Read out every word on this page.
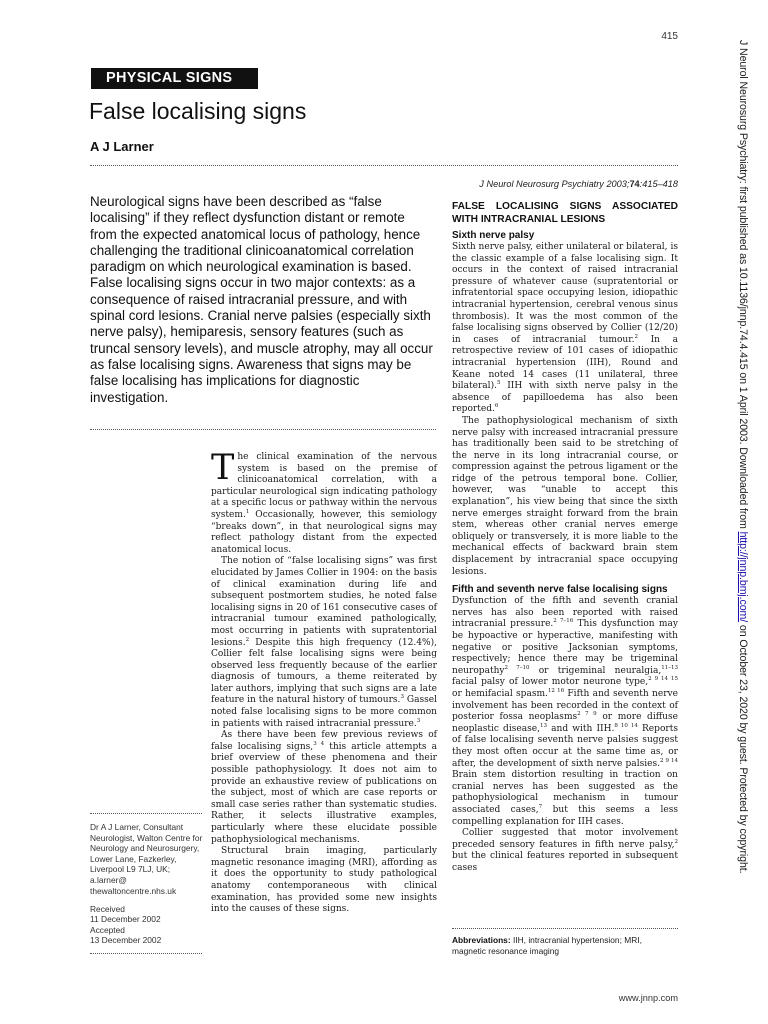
415
J Neurol Neurosurg Psychiatry: first published as 10.1136/jnnp.74.4.415 on 1 April 2003. Downloaded from http://jnnp.bmj.com/ on October 23, 2020 by guest. Protected by copyright.
PHYSICAL SIGNS
False localising signs
A J Larner
J Neurol Neurosurg Psychiatry 2003;74:415–418
Neurological signs have been described as “false localising” if they reflect dysfunction distant or remote from the expected anatomical locus of pathology, hence challenging the traditional clinicoanatomical correlation paradigm on which neurological examination is based. False localising signs occur in two major contexts: as a consequence of raised intracranial pressure, and with spinal cord lesions. Cranial nerve palsies (especially sixth nerve palsy), hemiparesis, sensory features (such as truncal sensory levels), and muscle atrophy, may all occur as false localising signs. Awareness that signs may be false localising has implications for diagnostic investigation.

The clinical examination of the nervous system is based on the premise of clinicoanatomical correlation, with a particular neurological sign indicating pathology at a specific locus or pathway within the nervous system.$^1$ Occasionally, however, this semiology “breaks down”, in that neurological signs may reflect pathology distant from the expected anatomical locus.

The notion of “false localising signs” was first elucidated by James Collier in 1904: on the basis of clinical examination during life and subsequent postmortem studies, he noted false localising signs in 20 of 161 consecutive cases of intracranial tumour examined pathologically, most occurring in patients with supratentorial lesions.$^2$ Despite this high frequency (12.4%), Collier felt false localising signs were being observed less frequently because of the earlier diagnosis of tumours, a theme reiterated by later authors, implying that such signs are a late feature in the natural history of tumours.$^3$ Gassel noted false localising signs to be more common in patients with raised intracranial pressure.$^3$

As there have been few previous reviews of false localising signs,$^{3 4}$ this article attempts a brief overview of these phenomena and their possible pathophysiology. It does not aim to provide an exhaustive review of publications on the subject, most of which are case reports or small case series rather than systematic studies. Rather, it selects illustrative examples, particularly where these elucidate possible pathophysiological mechanisms.

Structural brain imaging, particularly magnetic resonance imaging (MRI), affording as it does the opportunity to study pathological anatomy contemporaneous with clinical examination, has provided some new insights into the causes of these signs.

FALSE LOCALISING SIGNS ASSOCIATED WITH INTRACRANIAL LESIONS
Sixth nerve palsy

Sixth nerve palsy, either unilateral or bilateral, is the classic example of a false localising sign. It occurs in the context of raised intracranial pressure of whatever cause (supratentorial or infratentorial space occupying lesion, idiopathic intracranial hypertension, cerebral venous sinus thrombosis). It was the most common of the false localising signs observed by Collier (12/20) in cases of intracranial tumour.$^2$ In a retrospective review of 101 cases of idiopathic intracranial hypertension (IIH), Round and Keane noted 14 cases (11 unilateral, three bilateral).$^5$ IIH with sixth nerve palsy in the absence of papilloedema has also been reported.$^6$

The pathophysiological mechanism of sixth nerve palsy with increased intracranial pressure has traditionally been said to be stretching of the nerve in its long intracranial course, or compression against the petrous ligament or the ridge of the petrous temporal bone. Collier, however, was “unable to accept this explanation”, his view being that since the sixth nerve emerges straight forward from the brain stem, whereas other cranial nerves emerge obliquely or transversely, it is more liable to the mechanical effects of backward brain stem displacement by intracranial space occupying lesions.

Fifth and seventh nerve false localising signs

Dysfunction of the fifth and seventh cranial nerves has also been reported with raised intracranial pressure.$^{2 7-16}$ This dysfunction may be hypoactive or hyperactive, manifesting with negative or positive Jacksonian symptoms, respectively; hence there may be trigeminal neuropathy$^{2 7-10}$ or trigeminal neuralgia,$^{11-13}$ facial palsy of lower motor neurone type,$^{2 9 14 15}$ or hemifacial spasm.$^{12 16}$ Fifth and seventh nerve involvement has been recorded in the context of posterior fossa neoplasms$^{2 7 9}$ or more diffuse neoplastic disease,$^{13}$ and with IIH.$^{8 10 14}$ Reports of false localising seventh nerve palsies suggest they most often occur at the same time as, or after, the development of sixth nerve palsies.$^{2 9 14}$ Brain stem distortion resulting in traction on cranial nerves has been suggested as the pathophysiological mechanism in tumour associated cases,$^7$ but this seems a less compelling explanation for IIH cases.

Collier suggested that motor involvement preceded sensory features in fifth nerve palsy,$^2$ but the clinical features reported in subsequent cases

Dr A J Larner, Consultant Neurologist, Walton Centre for Neurology and Neurosurgery, Lower Lane, Fazkerley, Liverpool L9 7LJ, UK; a.larner@ thewaltoncentre.nhs.uk
Received
11 December 2002
Accepted
13 December 2002	Abbreviations: IIH, intracranial hypertension; MRI, magnetic resonance imaging
www.jnnp.com
